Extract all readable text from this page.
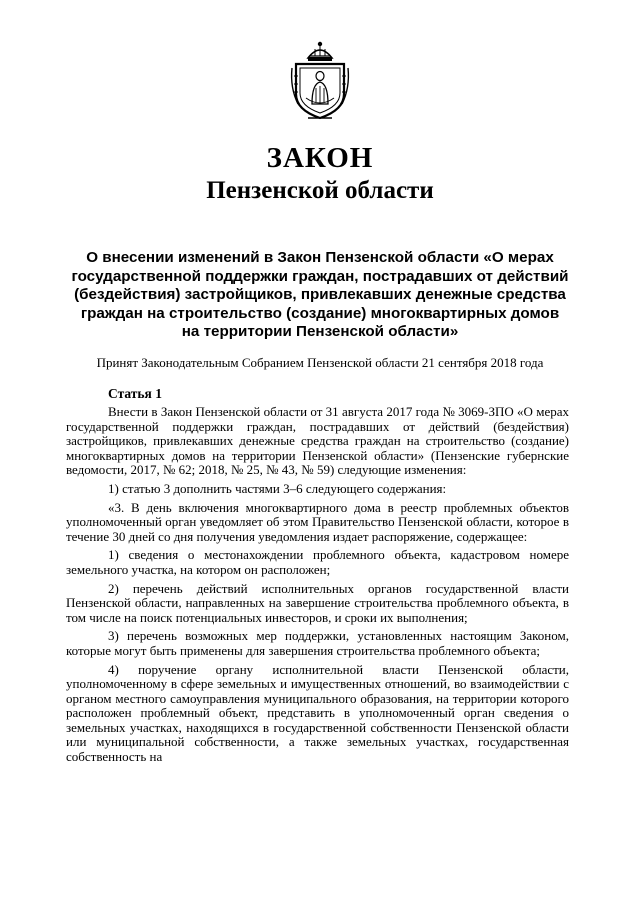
ЗАКОН
Пензенской области
О внесении изменений в Закон Пензенской области «О мерах государственной поддержки граждан, пострадавших от действий (бездействия) застройщиков, привлекавших денежные средства граждан на строительство (создание) многоквартирных домов на территории Пензенской области»
Принят Законодательным Собранием Пензенской области 21 сентября 2018 года
Статья 1

Внести в Закон Пензенской области от 31 августа 2017 года № 3069-ЗПО «О мерах государственной поддержки граждан, пострадавших от действий (бездействия) застройщиков, привлекавших денежные средства граждан на строительство (создание) многоквартирных домов на территории Пензенской области» (Пензенские губернские ведомости, 2017, № 62; 2018, № 25, № 43, № 59) следующие изменения:

1) статью 3 дополнить частями 3–6 следующего содержания:

«3. В день включения многоквартирного дома в реестр проблемных объектов уполномоченный орган уведомляет об этом Правительство Пензенской области, которое в течение 30 дней со дня получения уведомления издает распоряжение, содержащее:

1) сведения о местонахождении проблемного объекта, кадастровом номере земельного участка, на котором он расположен;

2) перечень действий исполнительных органов государственной власти Пензенской области, направленных на завершение строительства проблемного объекта, в том числе на поиск потенциальных инвесторов, и сроки их выполнения;

3) перечень возможных мер поддержки, установленных настоящим Законом, которые могут быть применены для завершения строительства проблемного объекта;

4) поручение органу исполнительной власти Пензенской области, уполномоченному в сфере земельных и имущественных отношений, во взаимодействии с органом местного самоуправления муниципального образования, на территории которого расположен проблемный объект, представить в уполномоченный орган сведения о земельных участках, находящихся в государственной собственности Пензенской области или муниципальной собственности, а также земельных участках, государственная собственность на
